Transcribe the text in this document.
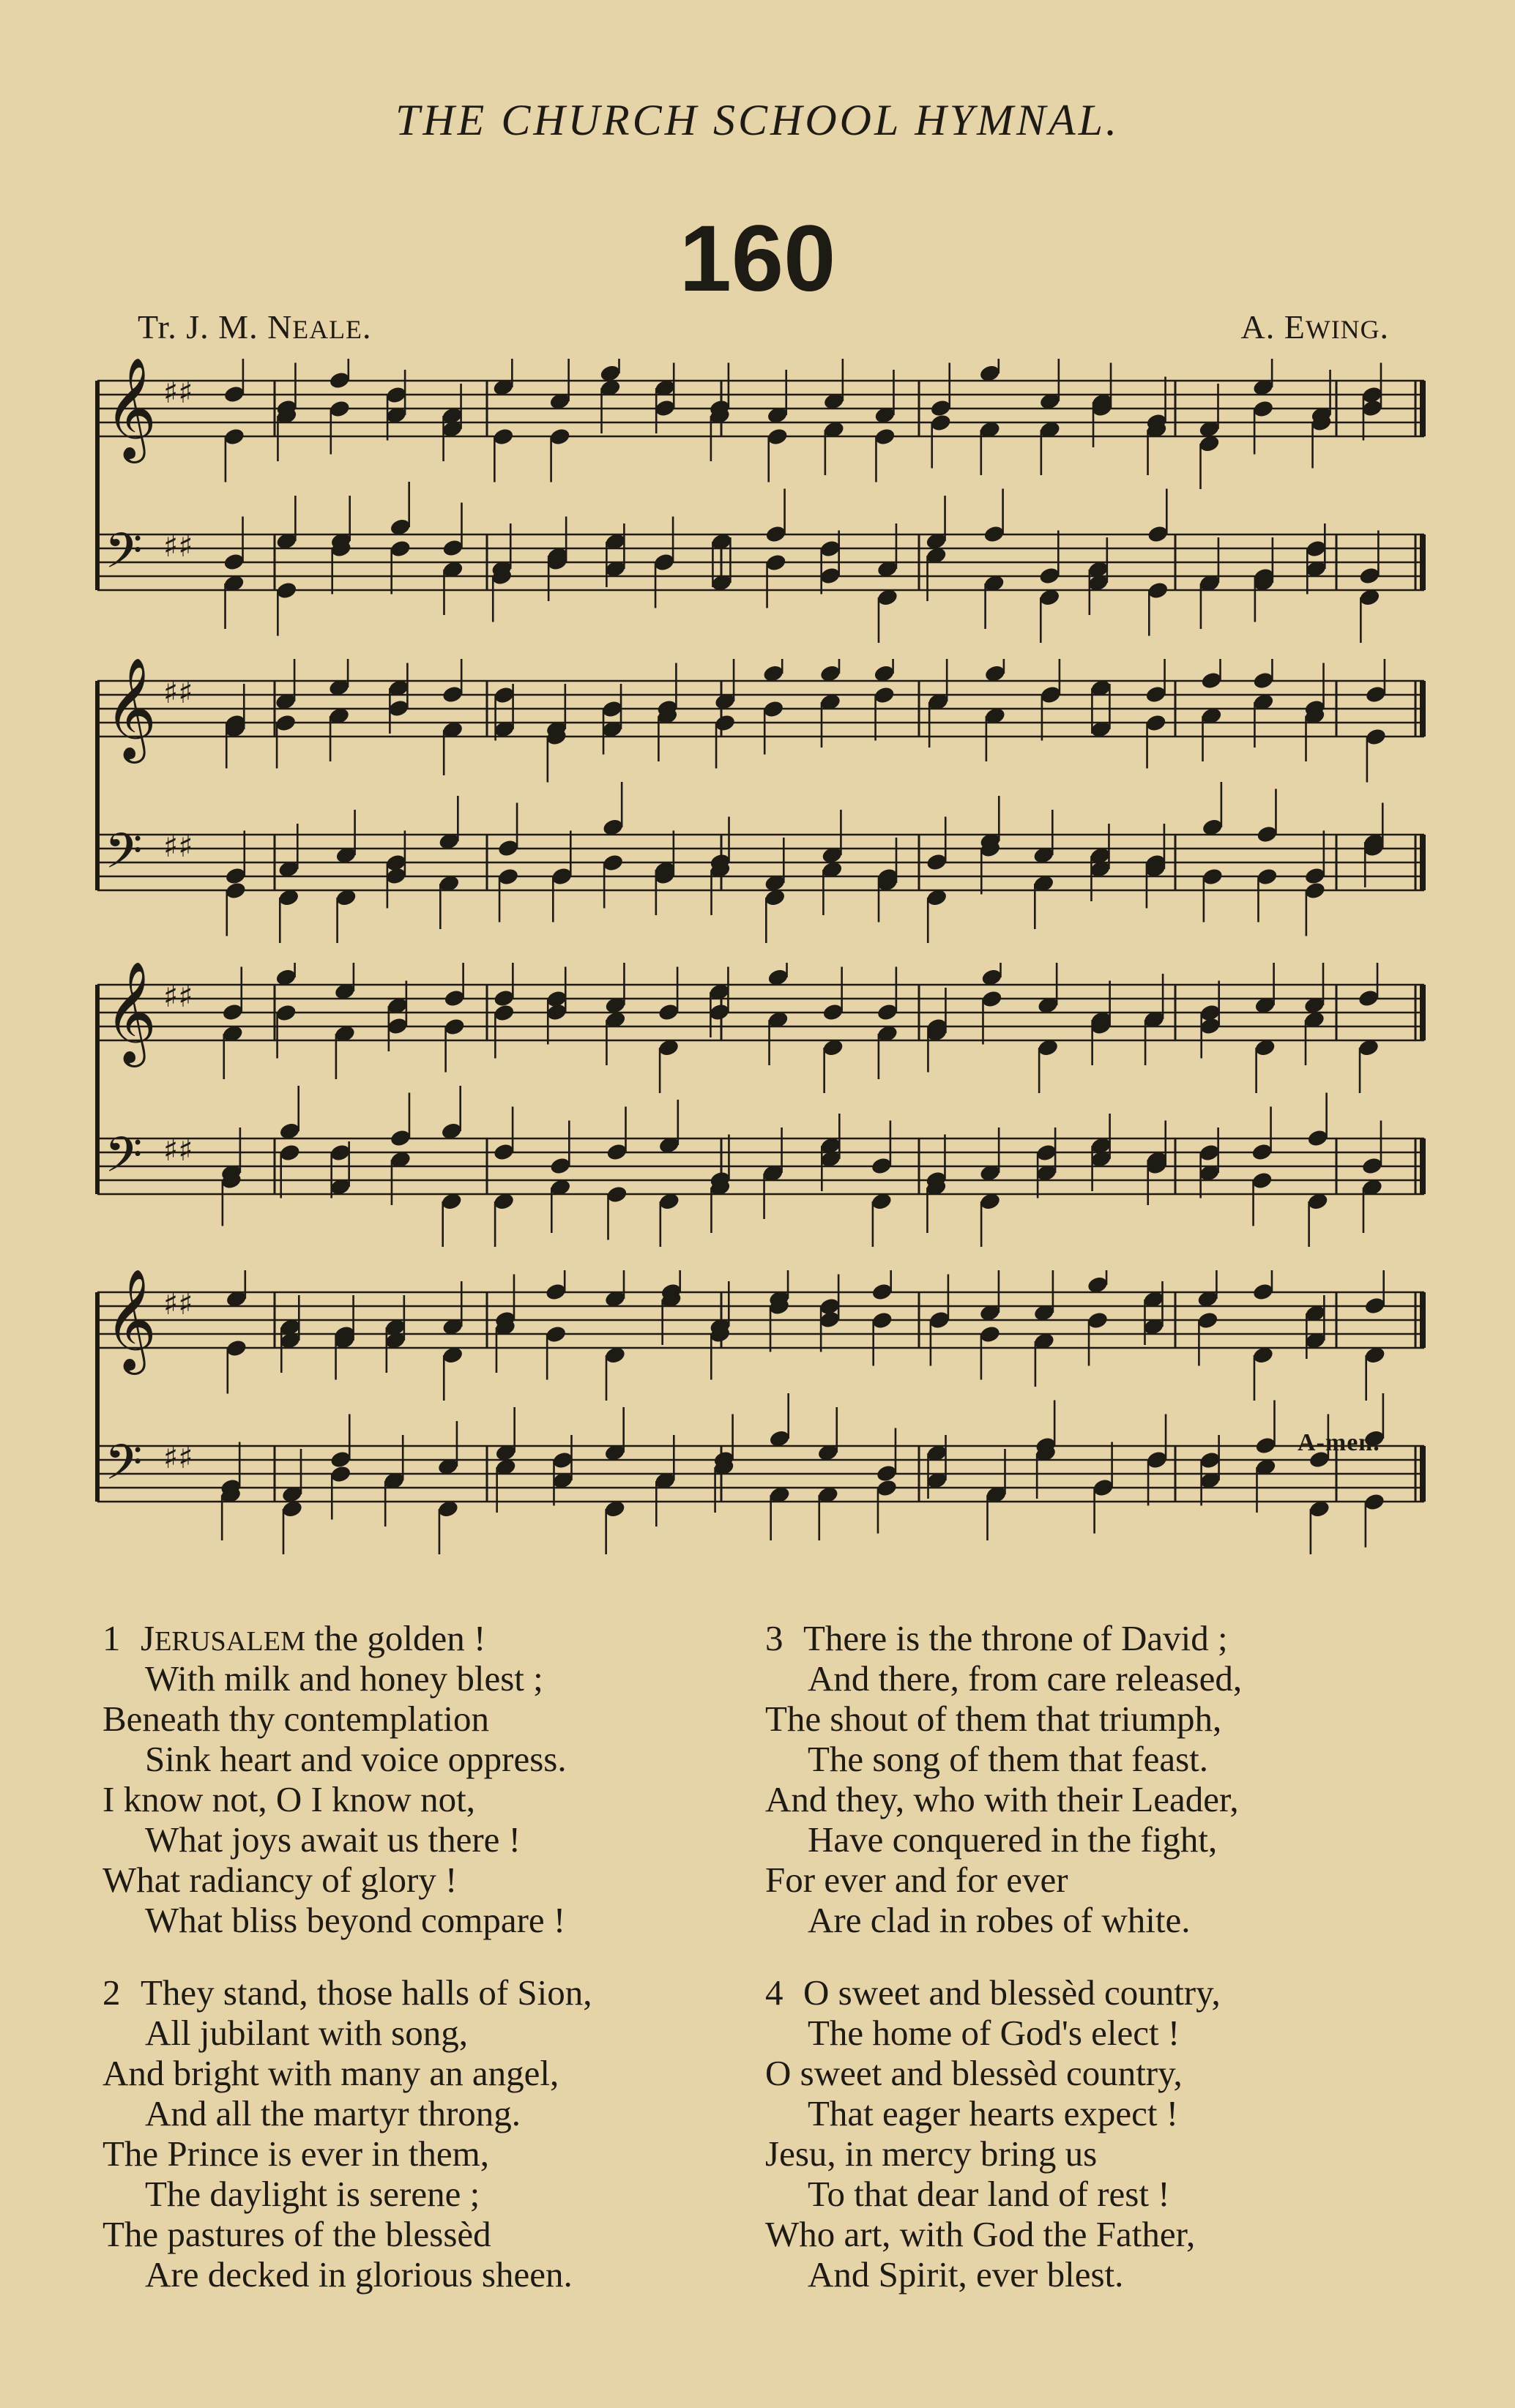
THE CHURCH SCHOOL HYMNAL.
160
Tr. J. M. NEALE.	A. EWING.
𝄞 ♯♯
𝄢 ♯♯
𝄞 ♯♯
𝄢 ♯♯
𝄞 ♯♯
𝄢 ♯♯
𝄞 ♯♯
𝄢 ♯♯	A-men.
1 JERUSALEM the golden !
With milk and honey blest ;
Beneath thy contemplation
Sink heart and voice oppress.
I know not, O I know not,
What joys await us there !
What radiancy of glory !
What bliss beyond compare !
2 They stand, those halls of Sion,
All jubilant with song,
And bright with many an angel,
And all the martyr throng.
The Prince is ever in them,
The daylight is serene ;
The pastures of the blessèd
Are decked in glorious sheen.
3 There is the throne of David ;
And there, from care released,
The shout of them that triumph,
The song of them that feast.
And they, who with their Leader,
Have conquered in the fight,
For ever and for ever
Are clad in robes of white.
4 O sweet and blessèd country,
The home of God's elect !
O sweet and blessèd country,
That eager hearts expect !
Jesu, in mercy bring us
To that dear land of rest !
Who art, with God the Father,
And Spirit, ever blest.
